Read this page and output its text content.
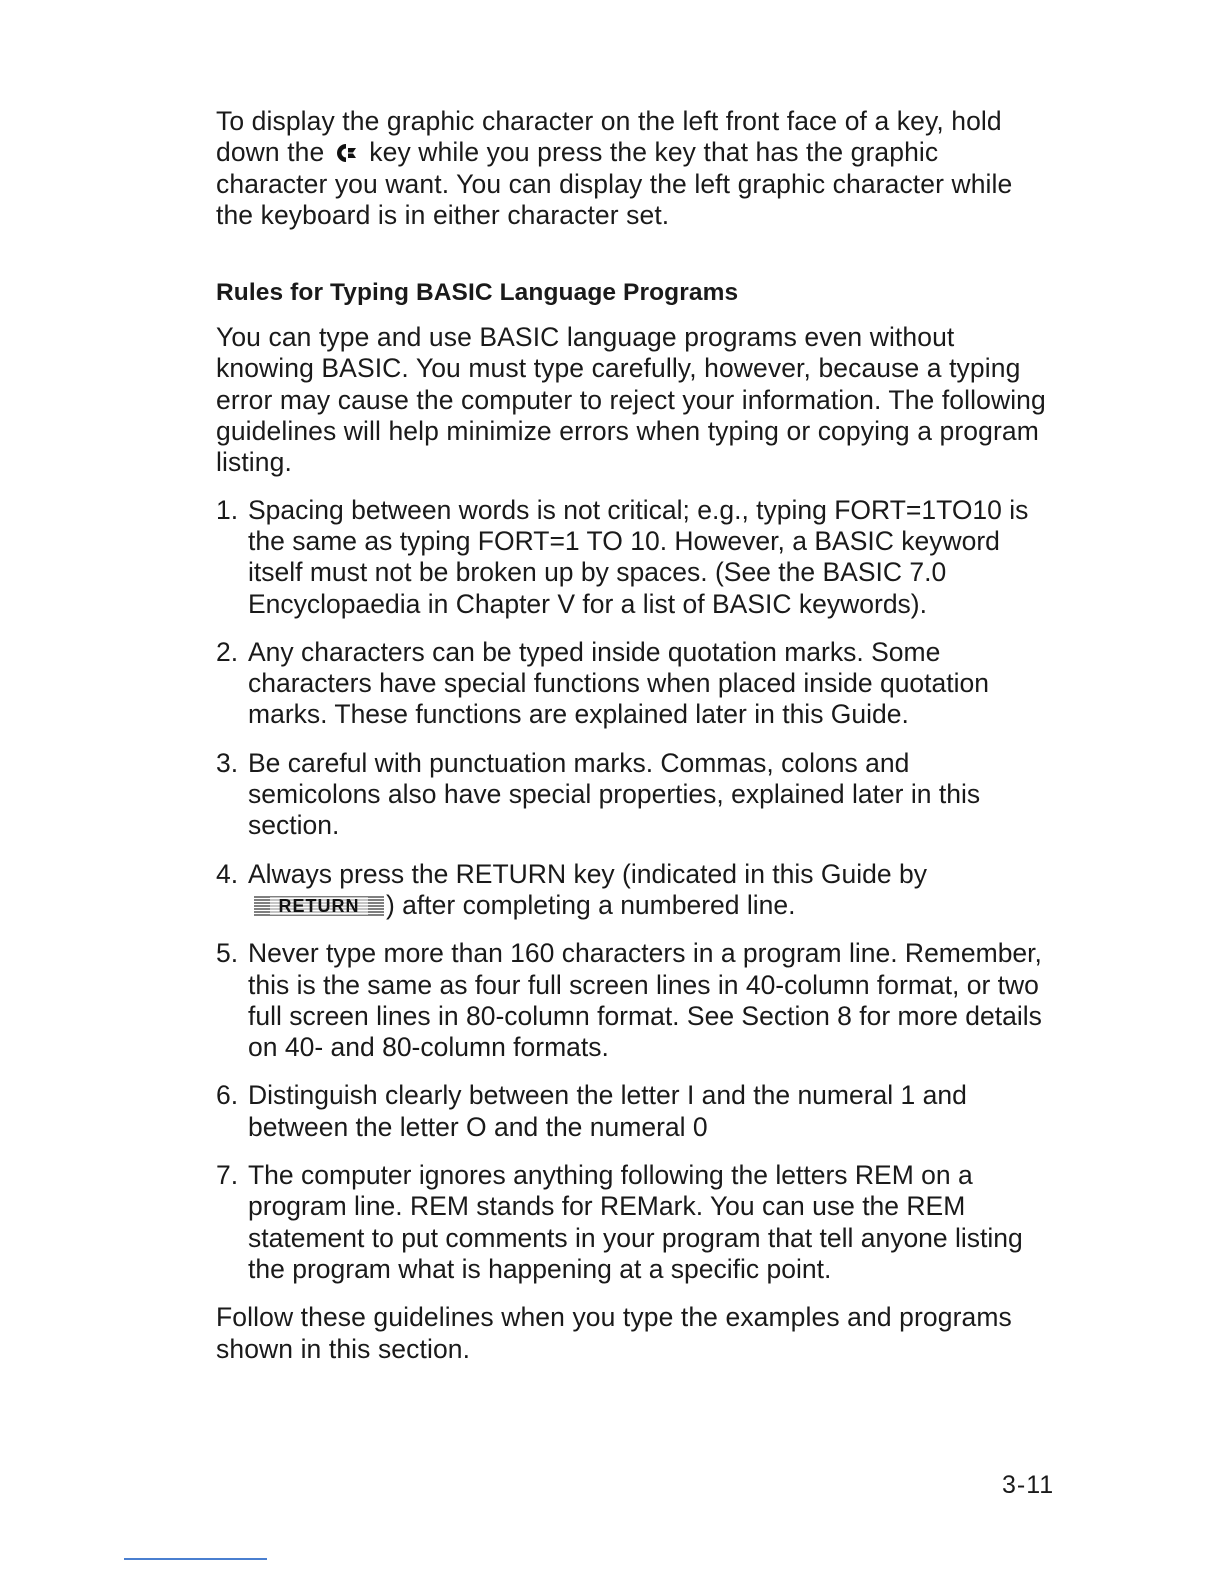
To display the graphic character on the left front face of a key, hold down the  key while you press the key that has the graphic character you want. You can display the left graphic character while the keyboard is in either character set.

Rules for Typing BASIC Language Programs

You can type and use BASIC language programs even without knowing BASIC. You must type carefully, however, because a typing error may cause the computer to reject your information. The following guidelines will help minimize errors when typing or copying a program listing.

1. Spacing between words is not critical; e.g., typing FORT=1TO10 is the same as typing FORT=1 TO 10. However, a BASIC keyword itself must not be broken up by spaces. (See the BASIC 7.0 Encyclopaedia in Chapter V for a list of BASIC keywords).

2. Any characters can be typed inside quotation marks. Some characters have special functions when placed inside quotation marks. These functions are explained later in this Guide.

3. Be careful with punctuation marks. Commas, colons and semicolons also have special properties, explained later in this section.

4. Always press the RETURN key (indicated in this Guide by
RETURN	) after completing a numbered line.

5. Never type more than 160 characters in a program line. Remember, this is the same as four full screen lines in 40-column format, or two full screen lines in 80-column format. See Section 8 for more details on 40- and 80-column formats.

6. Distinguish clearly between the letter I and the numeral 1 and between the letter O and the numeral 0

7. The computer ignores anything following the letters REM on a program line. REM stands for REMark. You can use the REM statement to put comments in your program that tell anyone listing the program what is happening at a specific point.

Follow these guidelines when you type the examples and programs shown in this section.

3-11
